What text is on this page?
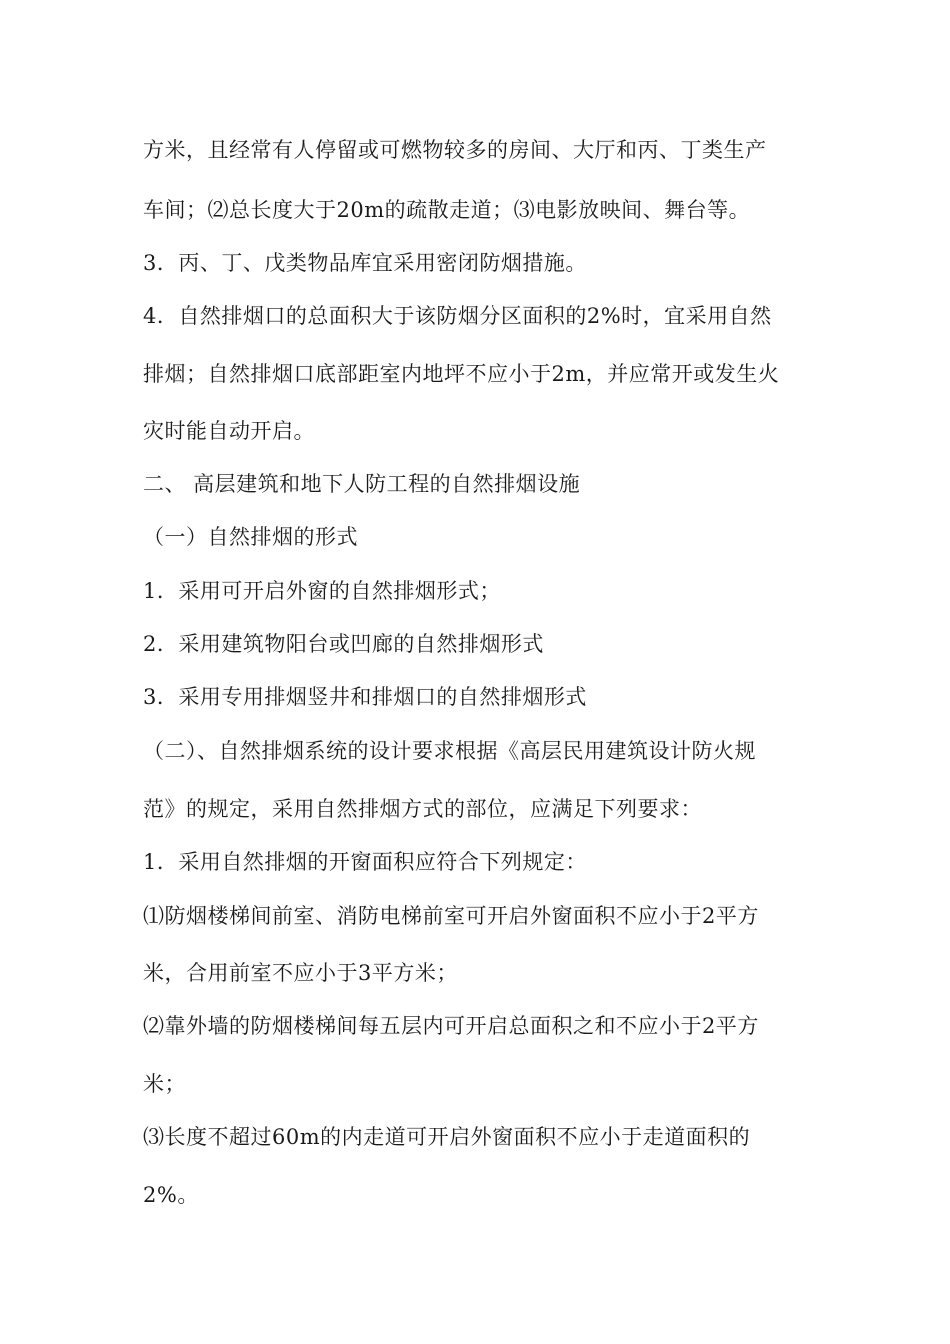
方米，且经常有人停留或可燃物较多的房间、大厅和丙、丁类生产
车间；⑵总长度大于20m的疏散走道；⑶电影放映间、舞台等。
3．丙、丁、戊类物品库宜采用密闭防烟措施。
4．自然排烟口的总面积大于该防烟分区面积的2%时，宜采用自然
排烟；自然排烟口底部距室内地坪不应小于2m，并应常开或发生火
灾时能自动开启。
二、 高层建筑和地下人防工程的自然排烟设施
（一）自然排烟的形式
1．采用可开启外窗的自然排烟形式；
2．采用建筑物阳台或凹廊的自然排烟形式
3．采用专用排烟竖井和排烟口的自然排烟形式
（二）、自然排烟系统的设计要求根据《高层民用建筑设计防火规
范》的规定，采用自然排烟方式的部位，应满足下列要求：
1．采用自然排烟的开窗面积应符合下列规定：
⑴防烟楼梯间前室、消防电梯前室可开启外窗面积不应小于2平方
米，合用前室不应小于3平方米；
⑵靠外墙的防烟楼梯间每五层内可开启总面积之和不应小于2平方
米；
⑶长度不超过60m的内走道可开启外窗面积不应小于走道面积的
2%。
